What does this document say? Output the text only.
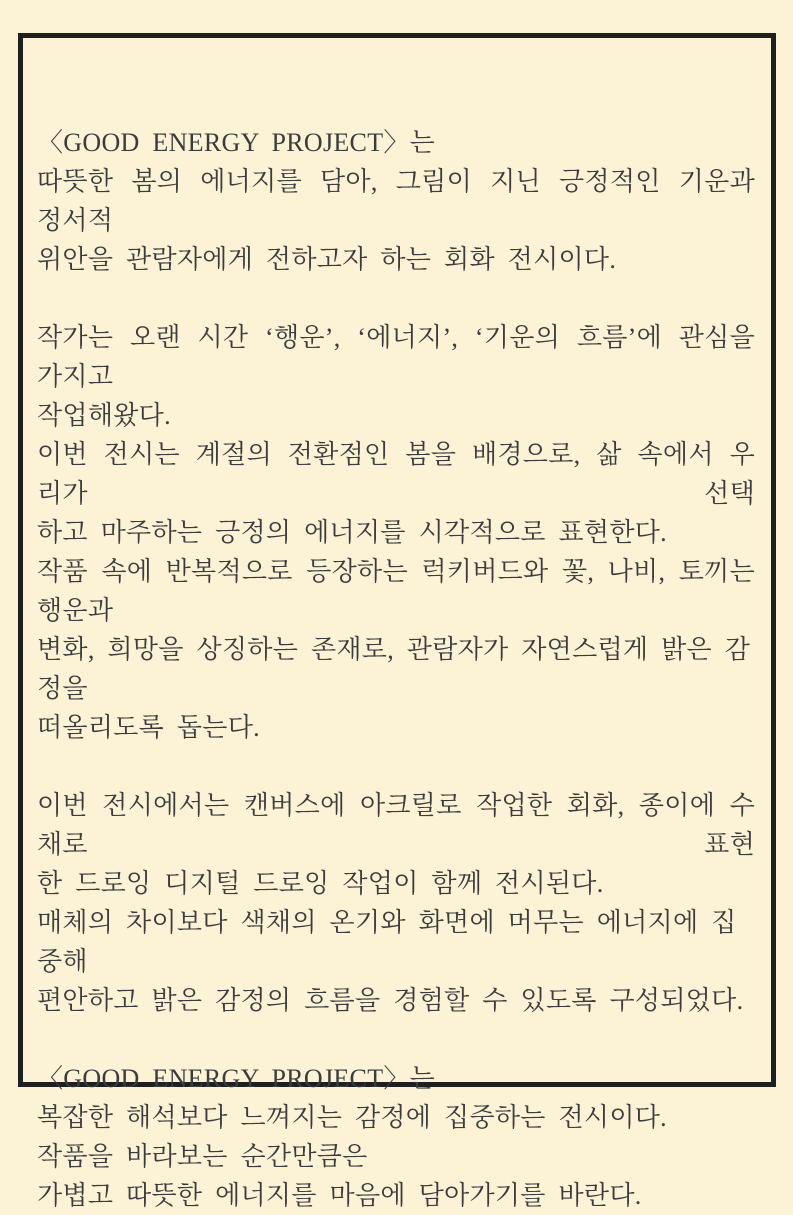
〈GOOD ENERGY PROJECT〉는
따뜻한 봄의 에너지를 담아, 그림이 지닌 긍정적인 기운과 정서적
위안을 관람자에게 전하고자 하는 회화 전시이다.
작가는 오랜 시간 ‘행운’, ‘에너지’, ‘기운의 흐름’에 관심을 가지고
작업해왔다.
이번 전시는 계절의 전환점인 봄을 배경으로, 삶 속에서 우리가 선택
하고 마주하는 긍정의 에너지를 시각적으로 표현한다.
작품 속에 반복적으로 등장하는 럭키버드와 꽃, 나비, 토끼는 행운과
변화, 희망을 상징하는 존재로, 관람자가 자연스럽게 밝은 감정을
떠올리도록 돕는다.
이번 전시에서는 캔버스에 아크릴로 작업한 회화, 종이에 수채로 표현
한 드로잉 디지털 드로잉 작업이 함께 전시된다.
매체의 차이보다 색채의 온기와 화면에 머무는 에너지에 집중해
편안하고 밝은 감정의 흐름을 경험할 수 있도록 구성되었다.
〈GOOD ENERGY PROJECT〉는
복잡한 해석보다 느껴지는 감정에 집중하는 전시이다.
작품을 바라보는 순간만큼은
가볍고 따뜻한 에너지를 마음에 담아가기를 바란다.
